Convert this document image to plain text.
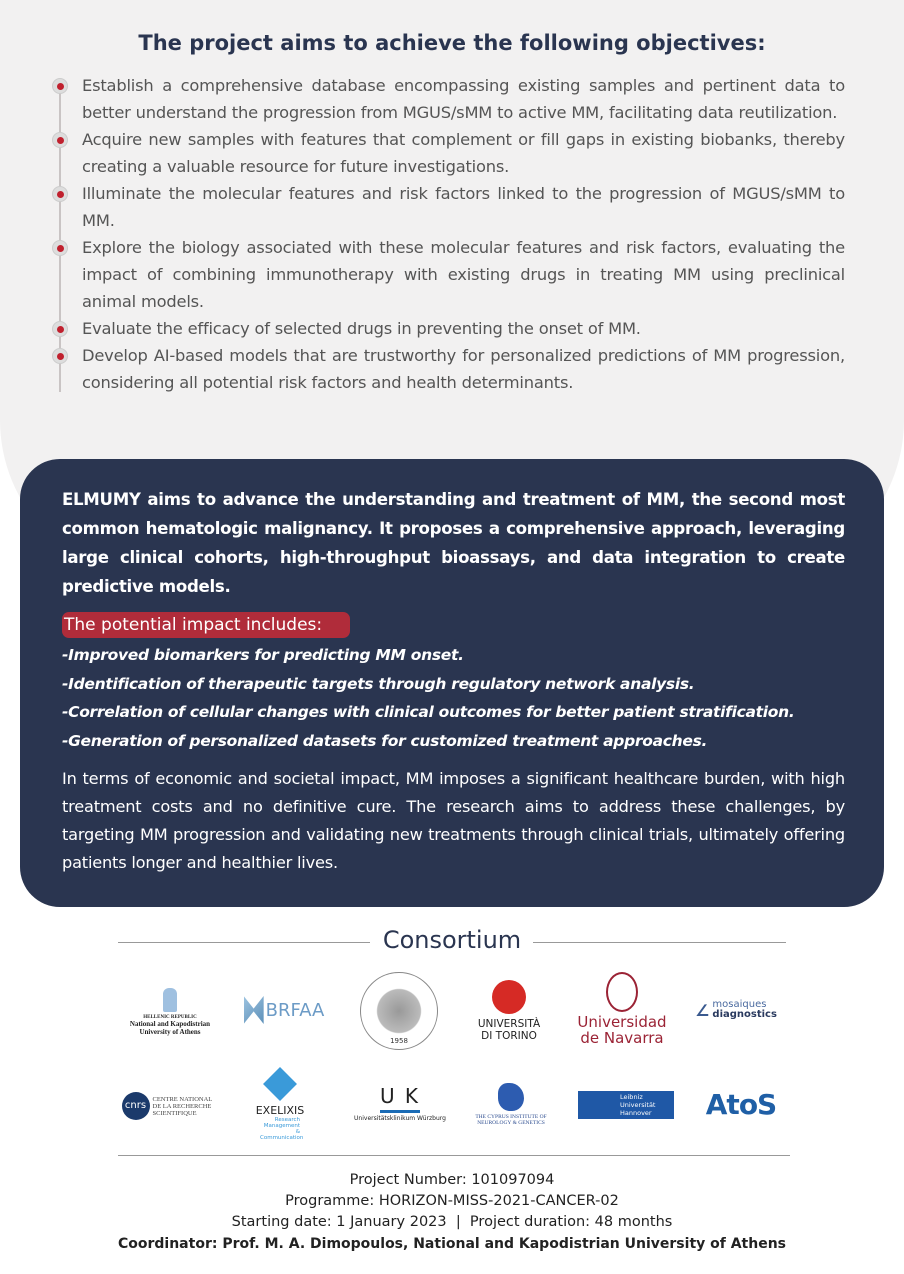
The project aims to achieve the following objectives:
Establish a comprehensive database encompassing existing samples and pertinent data to better understand the progression from MGUS/sMM to active MM, facilitating data reutilization.
Acquire new samples with features that complement or fill gaps in existing biobanks, thereby creating a valuable resource for future investigations.
Illuminate the molecular features and risk factors linked to the progression of MGUS/sMM to MM.
Explore the biology associated with these molecular features and risk factors, evaluating the impact of combining immunotherapy with existing drugs in treating MM using preclinical animal models.
Evaluate the efficacy of selected drugs in preventing the onset of MM.
Develop AI-based models that are trustworthy for personalized predictions of MM progression, considering all potential risk factors and health determinants.
ELMUMY aims to advance the understanding and treatment of MM, the second most common hematologic malignancy. It proposes a comprehensive approach, leveraging large clinical cohorts, high-throughput bioassays, and data integration to create predictive models.
The potential impact includes:
-Improved biomarkers for predicting MM onset.
-Identification of therapeutic targets through regulatory network analysis.
-Correlation of cellular changes with clinical outcomes for better patient stratification.
-Generation of personalized datasets for customized treatment approaches.
In terms of economic and societal impact, MM imposes a significant healthcare burden, with high treatment costs and no definitive cure. The research aims to address these challenges, by targeting MM progression and validating new treatments through clinical trials, ultimately offering patients longer and healthier lives.
Consortium
HELLENIC REPUBLIC
National and Kapodistrian
University of Athens
BRFAA
1958
UNIVERSITÀ
DI TORINO
Universidad
de Navarra
∠ mosaiques
diagnostics
cnrs
CENTRE NATIONAL DE LA RECHERCHE SCIENTIFIQUE	EXELIXIS
Research Management & Communication
U K
Universitätsklinikum Würzburg	THE CYPRUS INSTITUTE OF NEUROLOGY & GENETICS
Leibniz Universität Hannover	AtoS
Project Number: 101097094
Programme: HORIZON-MISS-2021-CANCER-02
Starting date: 1 January 2023  |  Project duration: 48 months
Coordinator: Prof. M. A. Dimopoulos, National and Kapodistrian University of Athens
